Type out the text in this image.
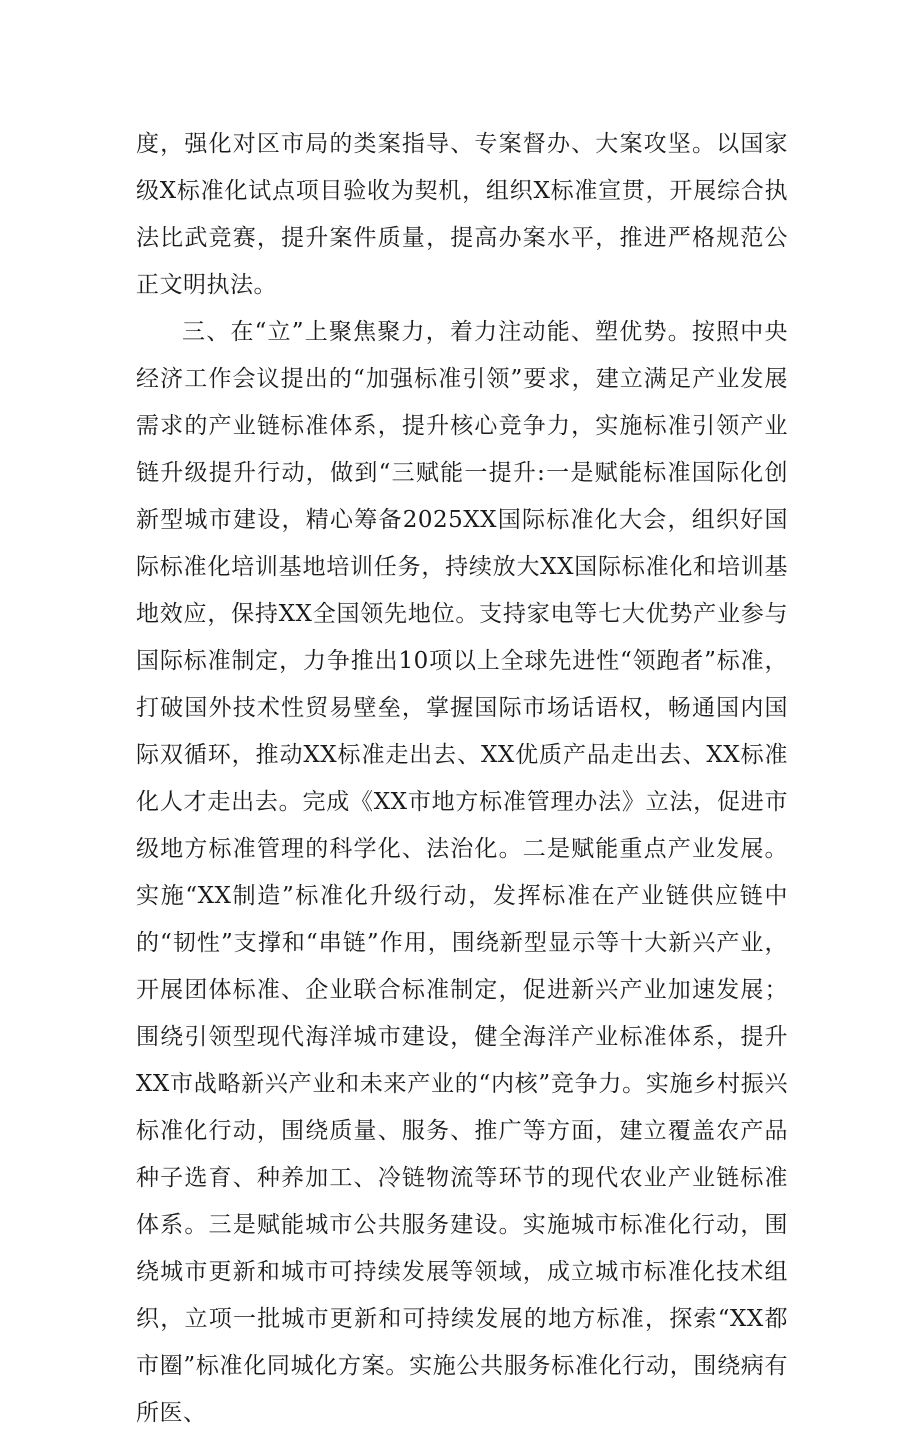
度，强化对区市局的类案指导、专案督办、大案攻坚。以国家级X标准化试点项目验收为契机，组织X标准宣贯，开展综合执法比武竞赛，提升案件质量，提高办案水平，推进严格规范公正文明执法。

三、在“立”上聚焦聚力，着力注动能、塑优势。按照中央经济工作会议提出的“加强标准引领”要求，建立满足产业发展需求的产业链标准体系，提升核心竞争力，实施标准引领产业链升级提升行动，做到“三赋能一提升:一是赋能标准国际化创新型城市建设，精心筹备2025XX国际标准化大会，组织好国际标准化培训基地培训任务，持续放大XX国际标准化和培训基地效应，保持XX全国领先地位。支持家电等七大优势产业参与国际标准制定，力争推出10项以上全球先进性“领跑者”标准，打破国外技术性贸易壁垒，掌握国际市场话语权，畅通国内国际双循环，推动XX标准走出去、XX优质产品走出去、XX标准化人才走出去。完成《XX市地方标准管理办法》立法，促进市级地方标准管理的科学化、法治化。二是赋能重点产业发展。实施“XX制造”标准化升级行动，发挥标准在产业链供应链中的“韧性”支撑和“串链”作用，围绕新型显示等十大新兴产业，开展团体标准、企业联合标准制定，促进新兴产业加速发展；围绕引领型现代海洋城市建设，健全海洋产业标准体系，提升XX市战略新兴产业和未来产业的“内核”竞争力。实施乡村振兴标准化行动，围绕质量、服务、推广等方面，建立覆盖农产品种子选育、种养加工、冷链物流等环节的现代农业产业链标准体系。三是赋能城市公共服务建设。实施城市标准化行动，围绕城市更新和城市可持续发展等领域，成立城市标准化技术组织，立项一批城市更新和可持续发展的地方标准，探索“XX都市圈”标准化同城化方案。实施公共服务标准化行动，围绕病有所医、
